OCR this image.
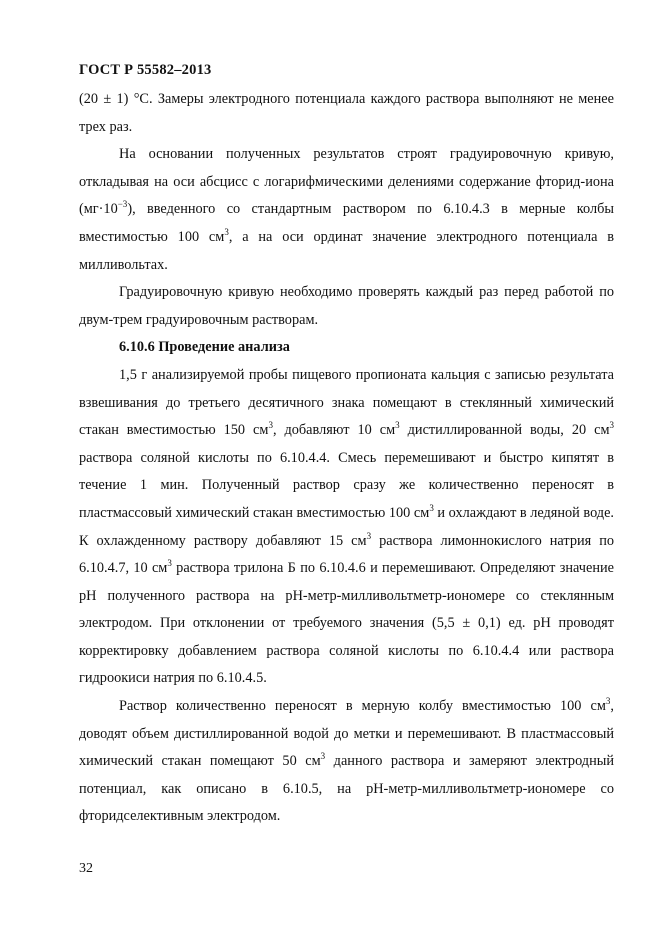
ГОСТ Р 55582–2013

(20 ± 1) °С. Замеры электродного потенциала каждого раствора выполняют не менее трех раз.

На основании полученных результатов строят градуировочную кривую, откладывая на оси абсцисс с логарифмическими делениями содержание фторид-иона $(мг\cdot 10^{-3})$, введенного со стандартным раствором по 6.10.4.3 в мерные колбы вместимостью 100 $см^3$, а на оси ординат значение электродного потенциала в милливольтах.

Градуировочную кривую необходимо проверять каждый раз перед работой по двум-трем градуировочным растворам.

6.10.6 Проведение анализа

1,5 г анализируемой пробы пищевого пропионата кальция с записью результата взвешивания до третьего десятичного знака помещают в стеклянный химический стакан вместимостью 150 $см^3$, добавляют 10 $см^3$ дистиллированной воды, 20 $см^3$ раствора соляной кислоты по 6.10.4.4. Смесь перемешивают и быстро кипятят в течение 1 мин. Полученный раствор сразу же количественно переносят в пластмассовый химический стакан вместимостью 100 $см^3$ и охлаждают в ледяной воде. К охлажденному раствору добавляют 15 $см^3$ раствора лимоннокислого натрия по 6.10.4.7, 10 $см^3$ раствора трилона Б по 6.10.4.6 и перемешивают. Определяют значение pH полученного раствора на pH-метр-милливольтметр-иономере со стеклянным электродом. При отклонении от требуемого значения (5,5 ± 0,1) ед. pH проводят корректировку добавлением раствора соляной кислоты по 6.10.4.4 или раствора гидроокиси натрия по 6.10.4.5.

Раствор количественно переносят в мерную колбу вместимостью 100 $см^3$, доводят объем дистиллированной водой до метки и перемешивают. В пластмассовый химический стакан помещают 50 $см^3$ данного раствора и замеряют электродный потенциал, как описано в 6.10.5, на pH-метр-милливольтметр-иономере со фторидселективным электродом.

32
